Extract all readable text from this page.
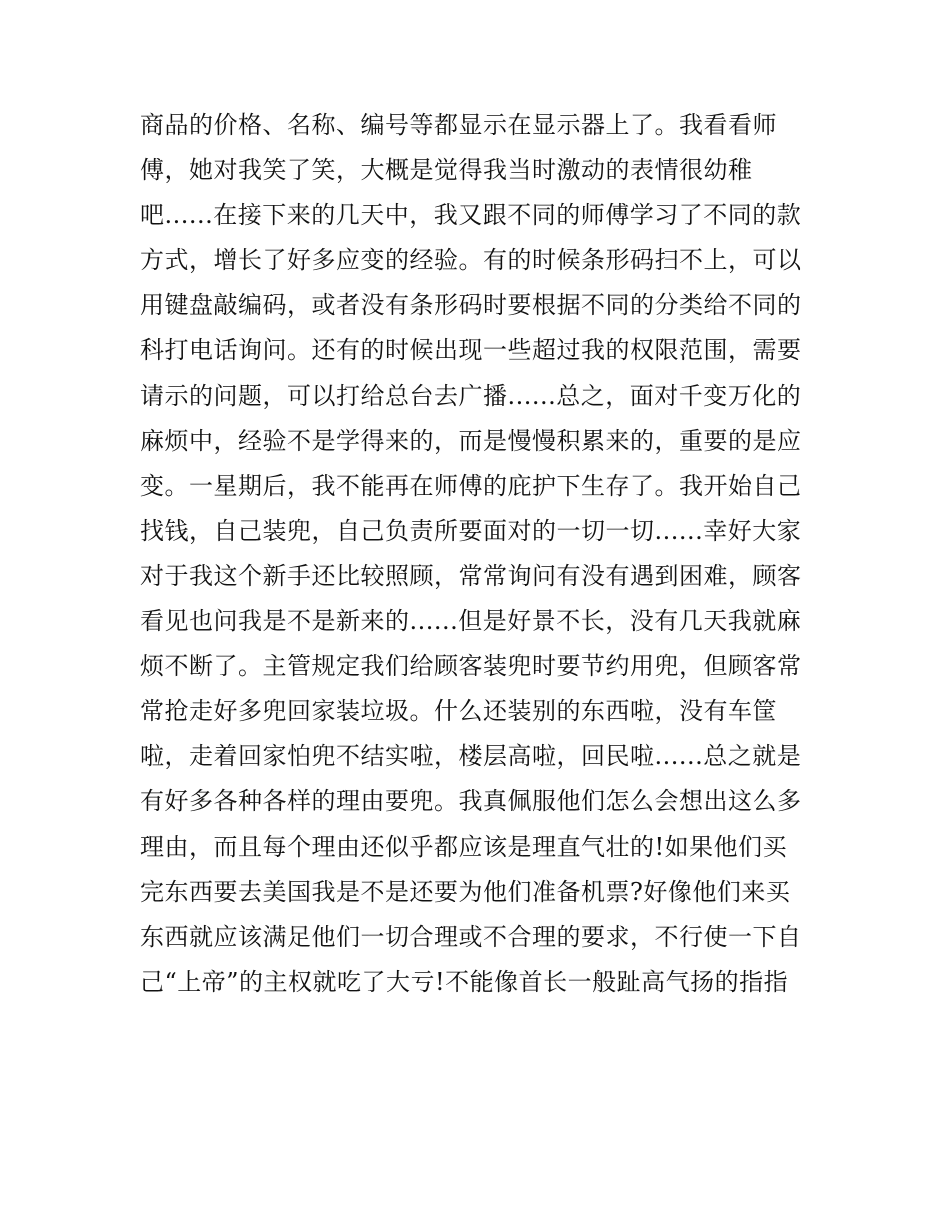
商品的价格、名称、编号等都显示在显示器上了。我看看师
傅，她对我笑了笑，大概是觉得我当时激动的表情很幼稚
吧......在接下来的几天中，我又跟不同的师傅学习了不同的款
方式，增长了好多应变的经验。有的时候条形码扫不上，可以
用键盘敲编码，或者没有条形码时要根据不同的分类给不同的
科打电话询问。还有的时候出现一些超过我的权限范围，需要
请示的问题，可以打给总台去广播......总之，面对千变万化的
麻烦中，经验不是学得来的，而是慢慢积累来的，重要的是应
变。一星期后，我不能再在师傅的庇护下生存了。我开始自己
找钱，自己装兜，自己负责所要面对的一切一切......幸好大家
对于我这个新手还比较照顾，常常询问有没有遇到困难，顾客
看见也问我是不是新来的......但是好景不长，没有几天我就麻
烦不断了。主管规定我们给顾客装兜时要节约用兜，但顾客常
常抢走好多兜回家装垃圾。什么还装别的东西啦，没有车筐
啦，走着回家怕兜不结实啦，楼层高啦，回民啦......总之就是
有好多各种各样的理由要兜。我真佩服他们怎么会想出这么多
理由，而且每个理由还似乎都应该是理直气壮的!如果他们买
完东西要去美国我是不是还要为他们准备机票?好像他们来买
东西就应该满足他们一切合理或不合理的要求，不行使一下自
己“上帝”的主权就吃了大亏!不能像首长一般趾高气扬的指指
